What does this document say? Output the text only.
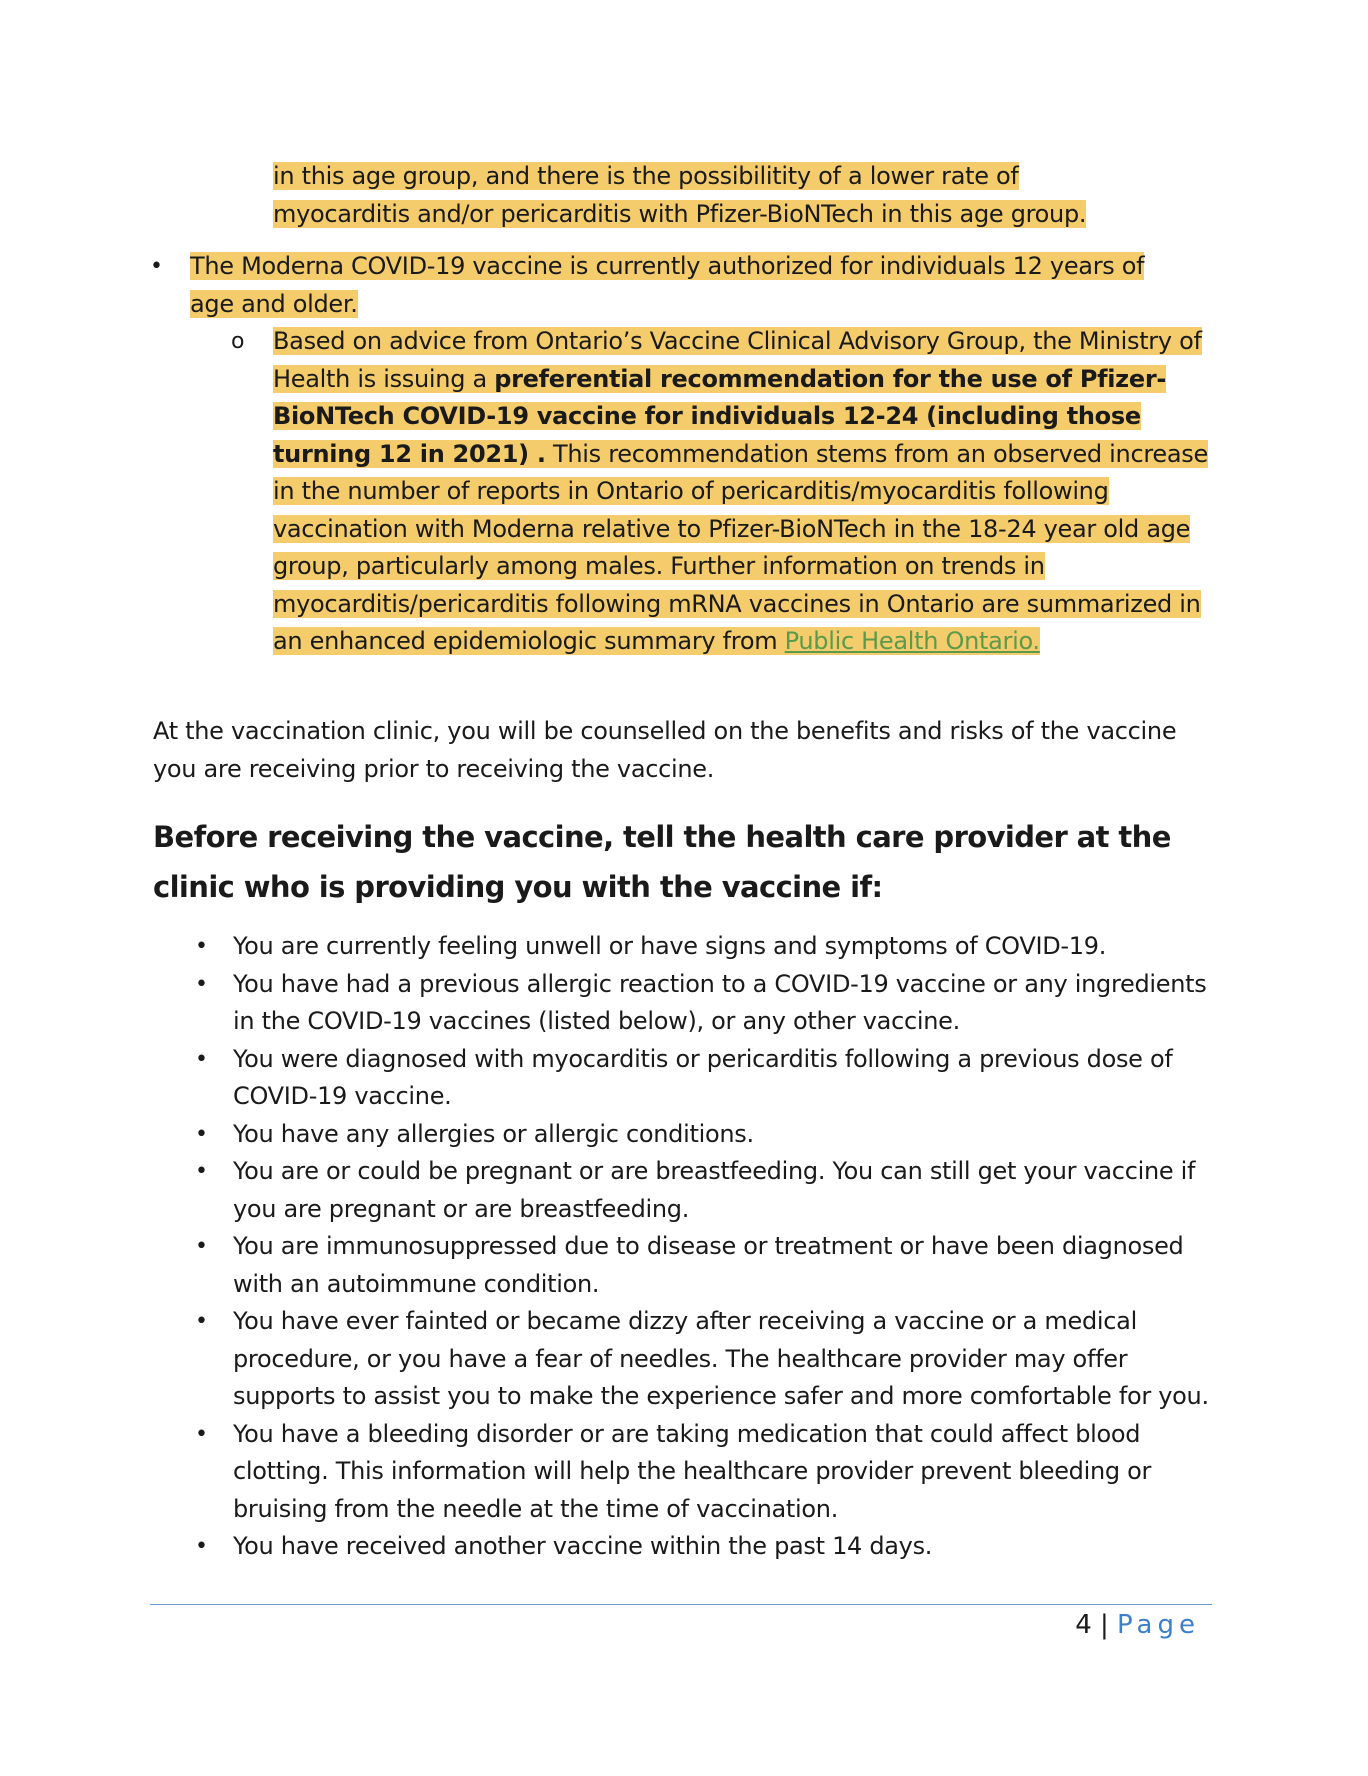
in this age group, and there is the possibilitity of a lower rate of
myocarditis and/or pericarditis with Pfizer-BioNTech in this age group.
• The Moderna COVID-19 vaccine is currently authorized for individuals 12 years of age and older.
o Based on advice from Ontario’s Vaccine Clinical Advisory Group, the Ministry of Health is issuing a preferential recommendation for the use of Pfizer-BioNTech COVID-19 vaccine for individuals 12-24 (including those turning 12 in 2021) . This recommendation stems from an observed increase in the number of reports in Ontario of pericarditis/myocarditis following vaccination with Moderna relative to Pfizer-BioNTech in the 18-24 year old age group, particularly among males. Further information on trends in myocarditis/pericarditis following mRNA vaccines in Ontario are summarized in an enhanced epidemiologic summary from Public Health Ontario.

At the vaccination clinic, you will be counselled on the benefits and risks of the vaccine you are receiving prior to receiving the vaccine.

Before receiving the vaccine, tell the health care provider at the clinic who is providing you with the vaccine if:
• You are currently feeling unwell or have signs and symptoms of COVID-19.
• You have had a previous allergic reaction to a COVID-19 vaccine or any ingredients in the COVID-19 vaccines (listed below), or any other vaccine.
• You were diagnosed with myocarditis or pericarditis following a previous dose of COVID-19 vaccine.
• You have any allergies or allergic conditions.
• You are or could be pregnant or are breastfeeding. You can still get your vaccine if you are pregnant or are breastfeeding.
• You are immunosuppressed due to disease or treatment or have been diagnosed with an autoimmune condition.
• You have ever fainted or became dizzy after receiving a vaccine or a medical procedure, or you have a fear of needles. The healthcare provider may offer supports to assist you to make the experience safer and more comfortable for you.
• You have a bleeding disorder or are taking medication that could affect blood clotting. This information will help the healthcare provider prevent bleeding or bruising from the needle at the time of vaccination.
• You have received another vaccine within the past 14 days.
4 | Page
